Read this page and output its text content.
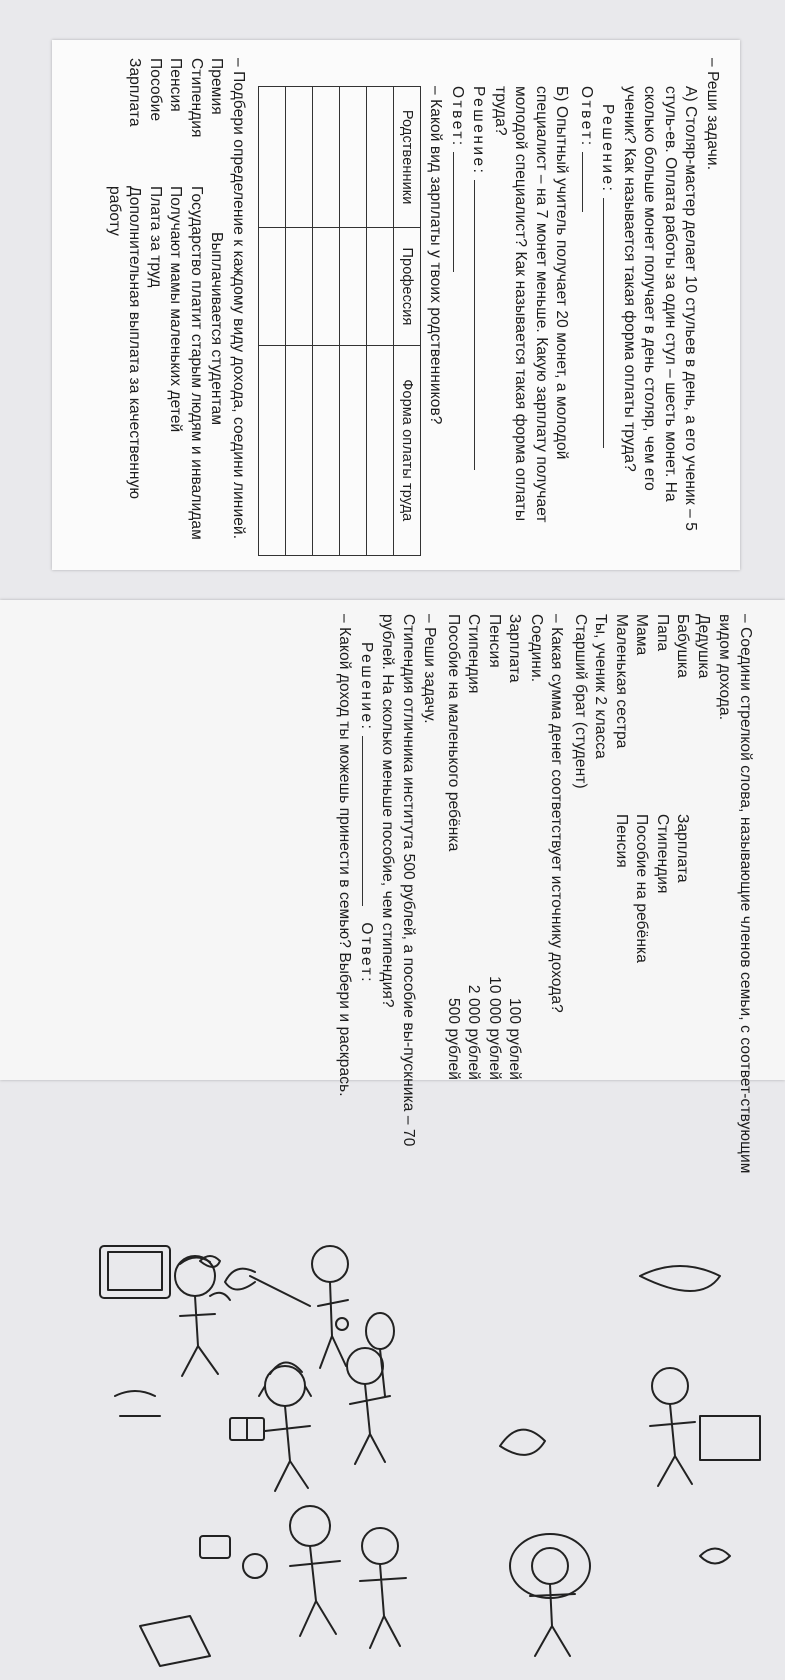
– Реши задачи.
А) Столяр-мастер делает 10 стульев в день, а его ученик – 5 стуль-ев. Оплата работы за один стул – шесть монет. На сколько больше монет получает в день столяр, чем его ученик? Как называется такая форма оплаты труда?
Решение:
Ответ:
Б) Опытный учитель получает 20 монет, а молодой специалист – на 7 монет меньше. Какую зарплату получает молодой специалист? Как называется такая форма оплаты труда?
Решение:
Ответ:
– Какой вид зарплаты у твоих родственников?
Родственники	Профессия	Форма оплаты труда

– Подбери определение к каждому виду дохода, соедини линией.
Премия
Выплачивается студентам
Стипендия
Государство платит старым людям и инвалидам
Пенсия
Получают мамы маленьких детей
Пособие
Плата за труд
Зарплата
Дополнительная выплата за качественную работу
– Соедини стрелкой слова, называющие членов семьи, с соответ-ствующим видом дохода.
Дедушка
Бабушка
Зарплата
Папа
Стипендия
Мама
Пособие на ребёнка
Маленькая сестра
Пенсия
Ты, ученик 2 класса
Старший брат (студент)
– Какая сумма денег соответствует источнику дохода? Соедини.
Зарплата
100 рублей
Пенсия
10 000 рублей
Стипендия
2 000 рублей
Пособие на маленького ребёнка
500 рублей
– Реши задачу.
Стипендия отличника института 500 рублей, а пособие вы-пускника – 70 рублей. На сколько меньше пособие, чем стипендия?
Решение:  Ответ:
– Какой доход ты можешь принести в семью? Выбери и раскрась.
